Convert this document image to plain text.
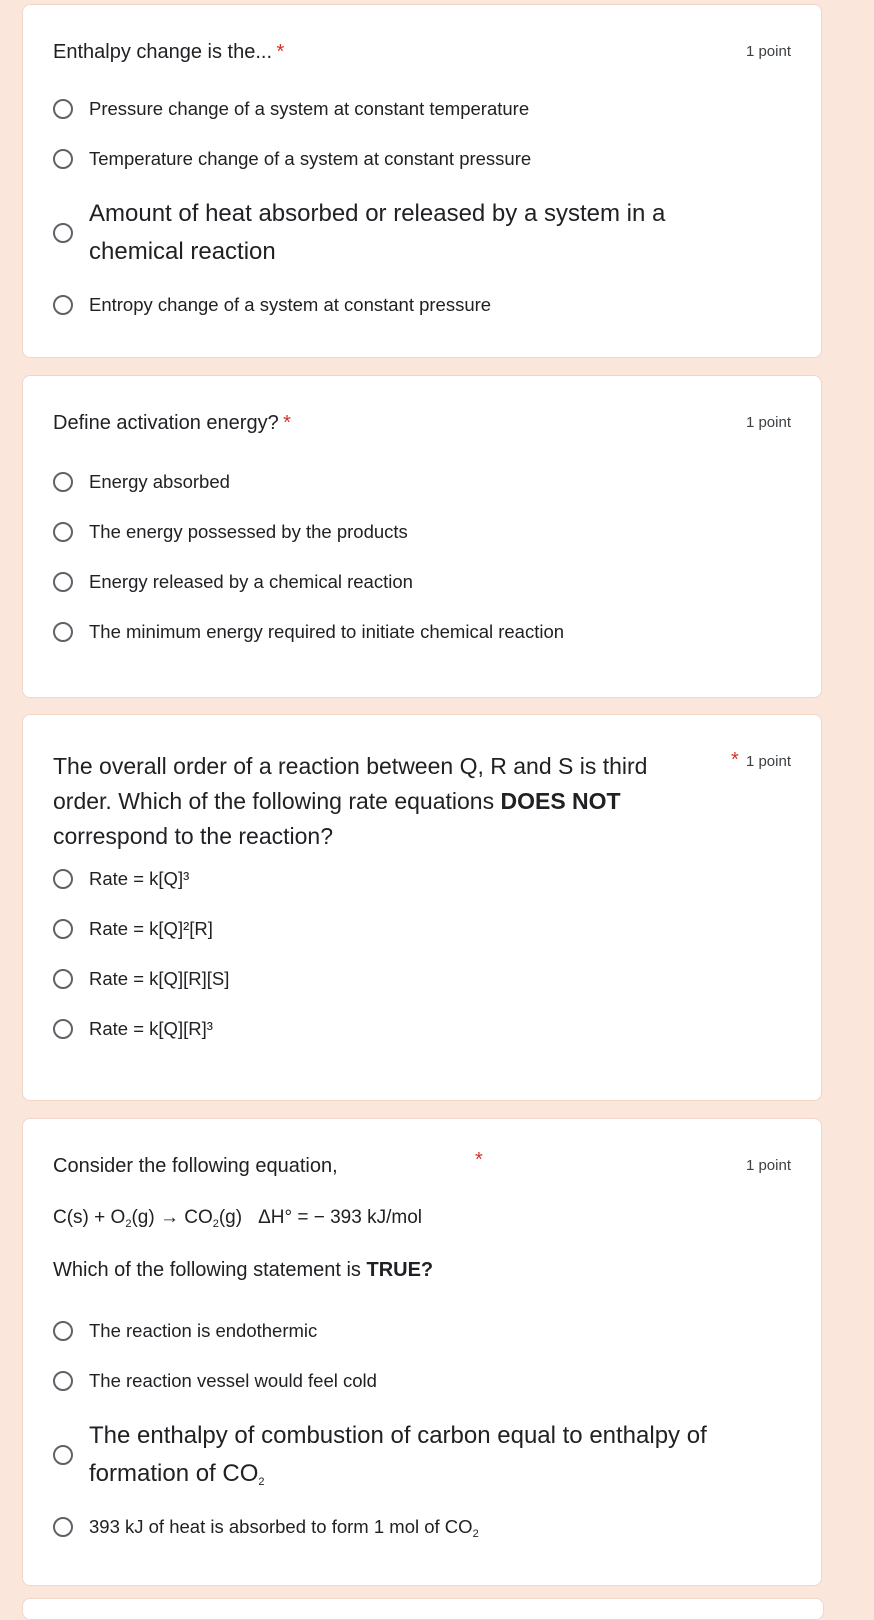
Enthalpy change is the... *	1 point
Pressure change of a system at constant temperature
Temperature change of a system at constant pressure
Amount of heat absorbed or released by a system in a chemical reaction
Entropy change of a system at constant pressure
Define activation energy? *	1 point
Energy absorbed
The energy possessed by the products
Energy released by a chemical reaction
The minimum energy required to initiate chemical reaction
The overall order of a reaction between Q, R and S is third order. Which of the following rate equations DOES NOT correspond to the reaction?
* 1 point
Rate = k[Q]³
Rate = k[Q]²[R]
Rate = k[Q][R][S]
Rate = k[Q][R]³
Consider the following equation,	*	1 point
$C(s) + O_2(g) \to CO_2(g) \Delta H^\circ$ = − 393 kJ/mol
Which of the following statement is TRUE?
The reaction is endothermic
The reaction vessel would feel cold
The enthalpy of combustion of carbon equal to enthalpy of formation of $CO_2$
393 kJ of heat is absorbed to form 1 mol of $CO_2$
